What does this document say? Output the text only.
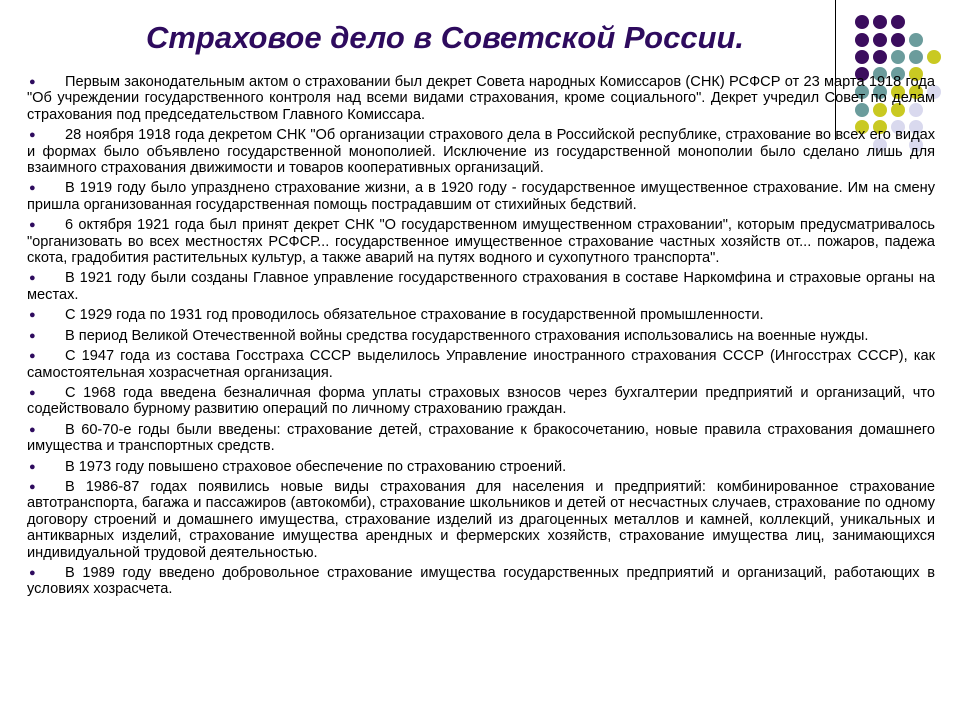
Страховое дело в Советской России.
● Первым законодательным актом о страховании был декрет Совета народных Комиссаров (СНК) РСФСР от 23 марта 1918 года "Об учреждении государственного контроля над всеми видами страхования, кроме социального". Декрет учредил Совет по делам страхования под председательством Главного Комиссара.
● 28 ноября 1918 года декретом СНК "Об организации страхового дела в Российской республике, страхование во всех его видах и формах было объявлено государственной монополией. Исключение из государственной монополии было сделано лишь для взаимного страхования движимости и товаров кооперативных организаций.
● В 1919 году было упразднено страхование жизни, а в 1920 году - государственное имущественное страхование. Им на смену пришла организованная государственная помощь пострадавшим от стихийных бедствий.
● 6 октября 1921 года был принят декрет СНК "О государственном имущественном страховании", которым предусматривалось "организовать во всех местностях РСФСР... государственное имущественное страхование частных хозяйств от... пожаров, падежа скота, градобития растительных культур, а также аварий на путях водного и сухопутного транспорта".
● В 1921 году были созданы Главное управление государственного страхования в составе Наркомфина и страховые органы на местах.
● С 1929 года по 1931 год проводилось обязательное страхование в государственной промышленности.
● В период Великой Отечественной войны средства государственного страхования использовались на военные нужды.
● С 1947 года из состава Госстраха СССР выделилось Управление иностранного страхования СССР (Ингосстрах СССР), как самостоятельная хозрасчетная организация.
● С 1968 года введена безналичная форма уплаты страховых взносов через бухгалтерии предприятий и организаций, что содействовало бурному развитию операций по личному страхованию граждан.
● В 60-70-е годы были введены: страхование детей, страхование к бракосочетанию, новые правила страхования домашнего имущества и транспортных средств.
● В 1973 году повышено страховое обеспечение по страхованию строений.
● В 1986-87 годах появились новые виды страхования для населения и предприятий: комбинированное страхование автотранспорта, багажа и пассажиров (автокомби), страхование школьников и детей от несчастных случаев, страхование по одному договору строений и домашнего имущества, страхование изделий из драгоценных металлов и камней, коллекций, уникальных и антикварных изделий, страхование имущества арендных и фермерских хозяйств, страхование имущества лиц, занимающихся индивидуальной трудовой деятельностью.
● В 1989 году введено добровольное страхование имущества государственных предприятий и организаций, работающих в условиях хозрасчета.
